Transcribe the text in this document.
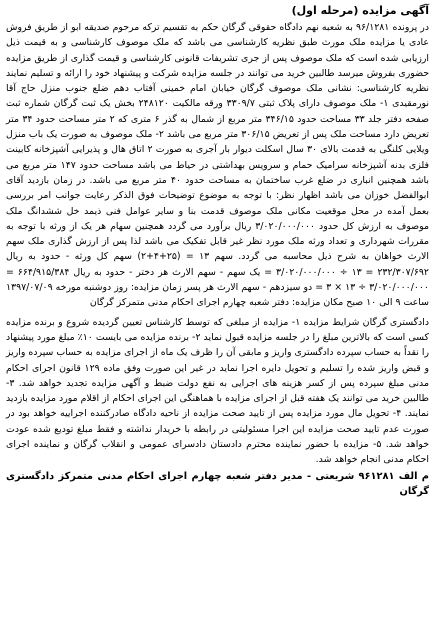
آگهی مزایده (مرحله اول)

در پرونده ۹۶/۱۲۸۱ به شعبه نهم دادگاه حقوقی گرگان حکم به تقسیم ترکه مرحوم صدیقه ابو از طریق فروش عادی یا مزایده ملک مورث طبق نظریه کارشناسی می باشد که ملک موصوف کارشناسی و به قیمت ذیل ارزیابی شده است که ملک موصوف پس از جری تشریفات قانونی کارشناسی و قیمت گذاری از طریق مزایده حضوری بفروش میرسد طالبین خرید می توانند در جلسه مزایده شرکت و پیشنهاد خود را ارائه و تسلیم نمایند نظریه کارشناسی: نشانی ملک موصوف گرگان خیابان امام خمینی آفتاب دهم ضلع جنوب منزل حاج آقا نورمقیدی ۱- ملک موصوف دارای پلاک ثبتی ۳۳۰۹/۷ ورقه مالکیت ۲۴۸۱۲۰ بخش یک ثبت گرگان شماره ثبت صفحه دفتر جلد ۳۳ مساحت حدود ۳۴۶/۱۵ متر مربع از شمال به گذر ۶ متری که ۲ متر مساحت حدود ۳۴ متر تعریض دارد مساحت ملک پس از تعریض ۳۰۶/۱۵ متر مربع می باشد ۲- ملک موصوف به صورت یک باب منزل ویلایی کلنگی به قدمت بالای ۳۰ سال اسکلت دیوار بار آجری به صورت ۲ اتاق هال و پذیرایی آشپزخانه کابینت فلزی بدنه آشپزخانه سرامیک حمام و سرویس بهداشتی در حیاط می باشد مساحت حدود ۱۴۷ متر مربع می باشد همچنین انباری در ضلع غرب ساختمان به مساحت حدود ۴۰ متر مربع می باشد. در زمان بازدید آقای ابوالفضل خوزان می باشد اظهار نظر: با توجه به موضوع توضیحات فوق الذکر رعایت جوانب امر بررسی بعمل آمده در محل موقعیت مکانی ملک موصوف قدمت بنا و سایر عوامل فنی ذیمد خل ششدانگ ملک موصوف به ارزش کل حدود ۳/۰۲۰/۰۰۰/۰۰۰ ریال برآورد می گردد همچنین سهام هر یک از ورثه با توجه به مقررات شهرداری و تعداد ورثه ملک مورد نظر غیر قابل تفکیک می باشد لذا پس از ارزش گذاری ملک سهم الارث خواهان به شرح ذیل محاسبه می گردد. سهم ۱۳ = (۲۵+۴+۲) سهم کل ورثه - حدود به ریال ۲۳۲/۳۰۷/۶۹۲ = ۱۳ ÷ ۳/۰۲۰/۰۰۰/۰۰۰ = یک سهم - سهم الارث هر دختر - حدود به ریال ۶۶۴/۹۱۵/۳۸۴ = ۳/۰۲۰/۰۰۰/۰۰۰ ÷ ۱۳ × ۳ = دو سیزدهم - سهم الارث هر پسر زمان مزایده: روز دوشنبه مورخه ۱۳۹۷/۰۷/۰۹ ساعت ۹ الی ۱۰ صبح مکان مزایده: دفتر شعبه چهارم اجرای احکام مدنی متمرکز گرگان

دادگستری گرگان شرایط مزایده ۱- مزایده از مبلغی که توسط کارشناس تعیین گردیده شروع و برنده مزایده کسی است که بالاترین مبلغ را در جلسه مزایده قبول نماید ۲- برنده مزایده می بایست ۱۰٪ مبلغ مورد پیشنهاد را نقداً به حساب سپرده دادگستری واریز و مابقی آن را ظرف یک ماه از اجرای مزایده به حساب سپرده واریز و قبض واریز شده را تسلیم و تحویل دایره اجرا نماید در غیر این صورت وفق ماده ۱۲۹ قانون اجرای احکام مدنی مبلغ سپرده پس از کسر هزینه های اجرایی به نفع دولت ضبط و آگهی مزایده تجدید خواهد شد. ۳- طالبین خرید می توانند یک هفته قبل از اجرای مزایده با هماهنگی این اجرای احکام از اقلام مورد مزایده بازدید نمایند. ۴- تحویل مال مورد مزایده پس از تایید صحت مزایده از ناحیه دادگاه صادرکننده اجراییه خواهد بود در صورت عدم تایید صحت مزایده این اجرا مسئولیتی در رابطه با خریدار نداشته و فقط مبلغ تودیع شده عودت خواهد شد. ۵- مزایده با حضور نماینده محترم دادستان دادسرای عمومی و انقلاب گرگان و نماینده اجرای احکام مدنی انجام خواهد شد.

م الف ۹۶۱۲۸۱ شریعتی - مدیر دفتر شعبه چهارم اجرای احکام مدنی متمرکز دادگستری گرگان
